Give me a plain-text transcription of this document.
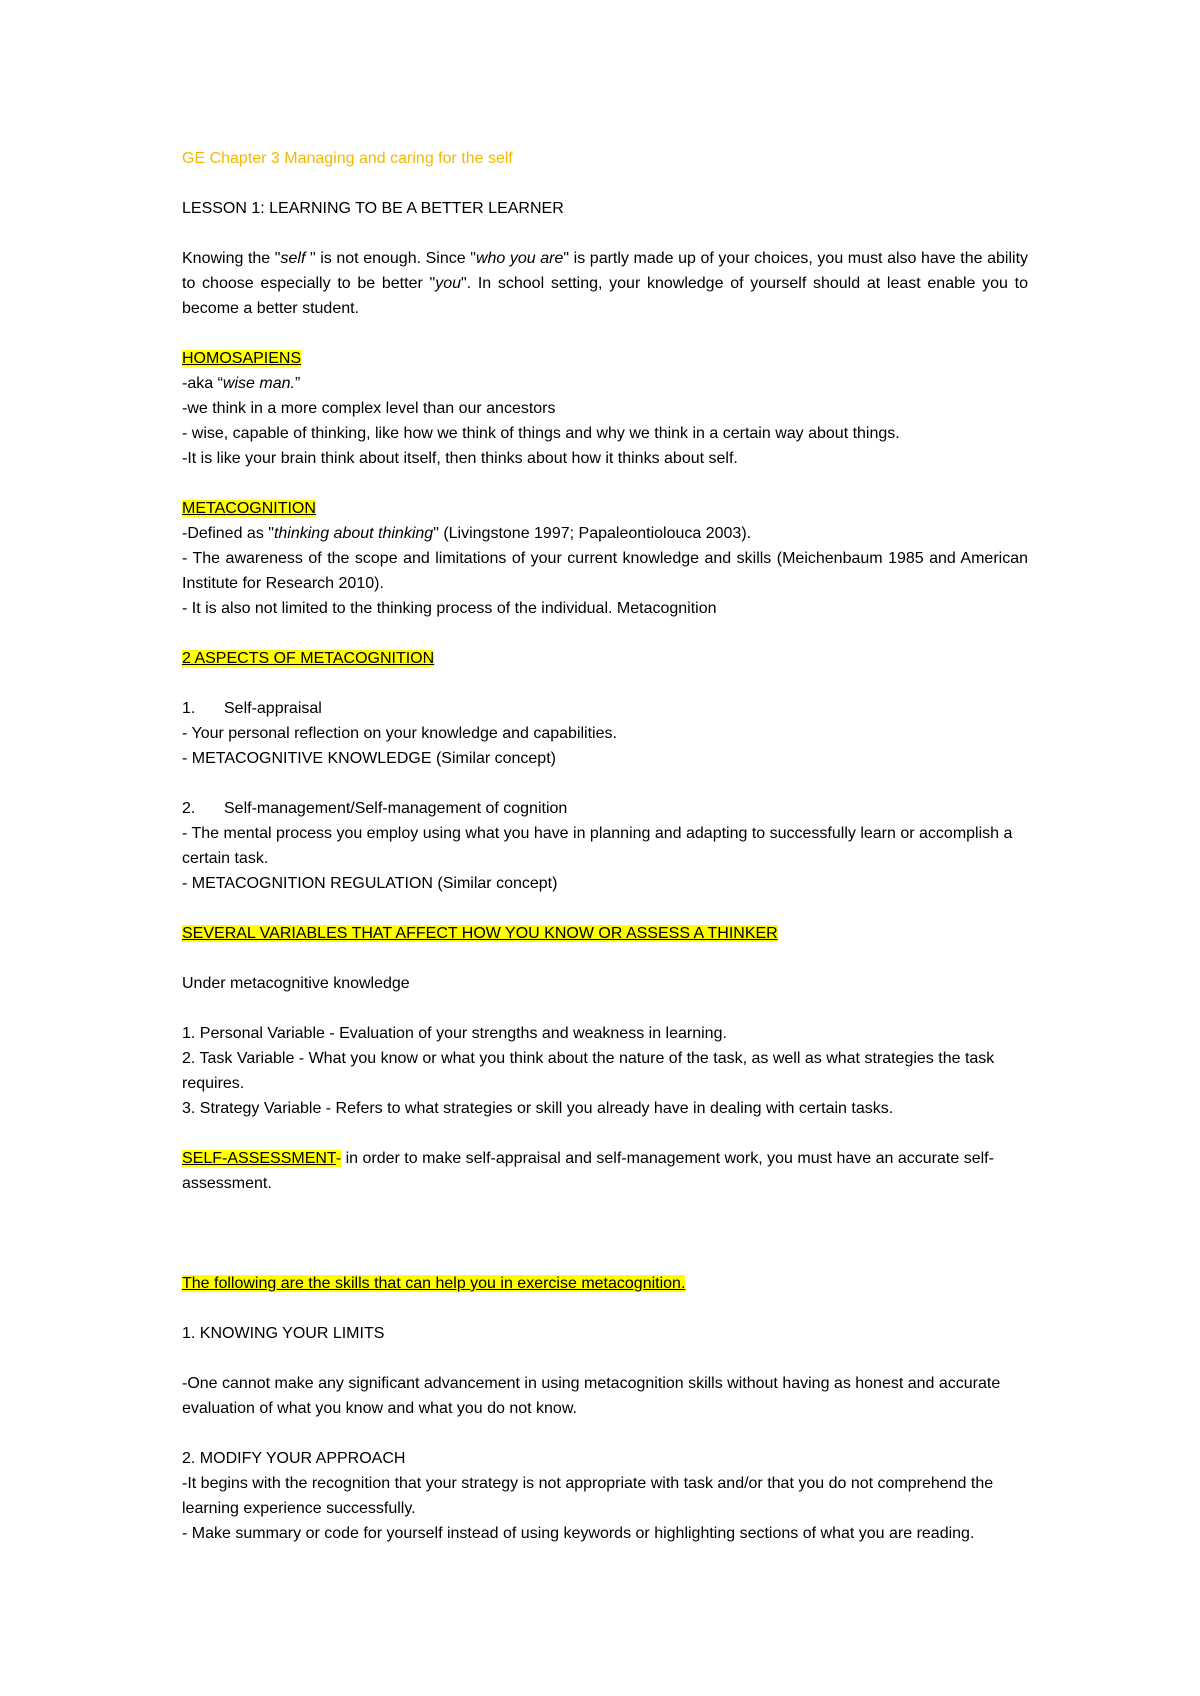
GE Chapter 3 Managing and caring for the self

LESSON 1: LEARNING TO BE A BETTER LEARNER

Knowing the "self " is not enough. Since "who you are" is partly made up of your choices, you must also have the ability to choose especially to be better "you". In school setting, your knowledge of yourself should at least enable you to become a better student.

HOMOSAPIENS

-aka “wise man.”

-we think in a more complex level than our ancestors

- wise, capable of thinking, like how we think of things and why we think in a certain way about things.

-It is like your brain think about itself, then thinks about how it thinks about self.

METACOGNITION

-Defined as "thinking about thinking" (Livingstone 1997; Papaleontiolouca 2003).

- The awareness of the scope and limitations of your current knowledge and skills (Meichenbaum 1985 and American Institute for Research 2010).

- It is also not limited to the thinking process of the individual. Metacognition

2 ASPECTS OF METACOGNITION

1.	Self-appraisal

- Your personal reflection on your knowledge and capabilities.

- METACOGNITIVE KNOWLEDGE (Similar concept)

2.	Self-management/Self-management of cognition

- The mental process you employ using what you have in planning and adapting to successfully learn or accomplish a certain task.

- METACOGNITION REGULATION (Similar concept)

SEVERAL VARIABLES THAT AFFECT HOW YOU KNOW OR ASSESS A THINKER

Under metacognitive knowledge

1. Personal Variable - Evaluation of your strengths and weakness in learning.

2. Task Variable - What you know or what you think about the nature of the task, as well as what strategies the task requires.

3. Strategy Variable - Refers to what strategies or skill you already have in dealing with certain tasks.

SELF-ASSESSMENT- in order to make self-appraisal and self-management work, you must have an accurate self- assessment.

The following are the skills that can help you in exercise metacognition.

1. KNOWING YOUR LIMITS

-One cannot make any significant advancement in using metacognition skills without having as honest and accurate evaluation of what you know and what you do not know.

2. MODIFY YOUR APPROACH

-It begins with the recognition that your strategy is not appropriate with task and/or that you do not comprehend the learning experience successfully.

- Make summary or code for yourself instead of using keywords or highlighting sections of what you are reading.
